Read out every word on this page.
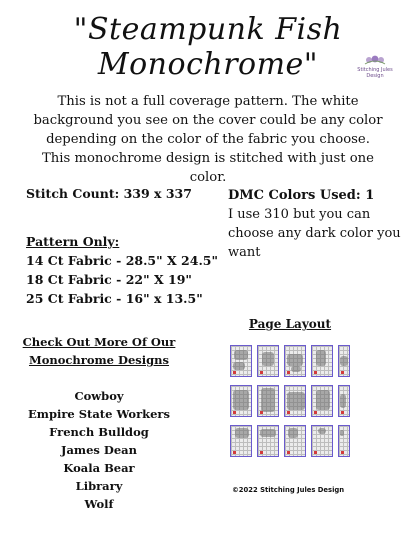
"Steampunk Fish Monochrome"	Stitching Jules Design
This is not a full coverage pattern. The white background you see on the cover could be any color depending on the color of the fabric you choose. This monochrome design is stitched with just one color.
Stitch Count: 339 x 337	DMC Colors Used: 1
I use 310 but you can choose any dark color you want
Pattern Only:
14 Ct Fabric - 28.5" X 24.5"
18 Ct Fabric - 22" X 19"
25 Ct Fabric - 16" x 13.5"
Check Out More Of Our
Monochrome Designs
Cowboy
Empire State Workers
French Bulldog
James Dean
Koala Bear
Library
Wolf
Page Layout
©2022 Stitching Jules Design
